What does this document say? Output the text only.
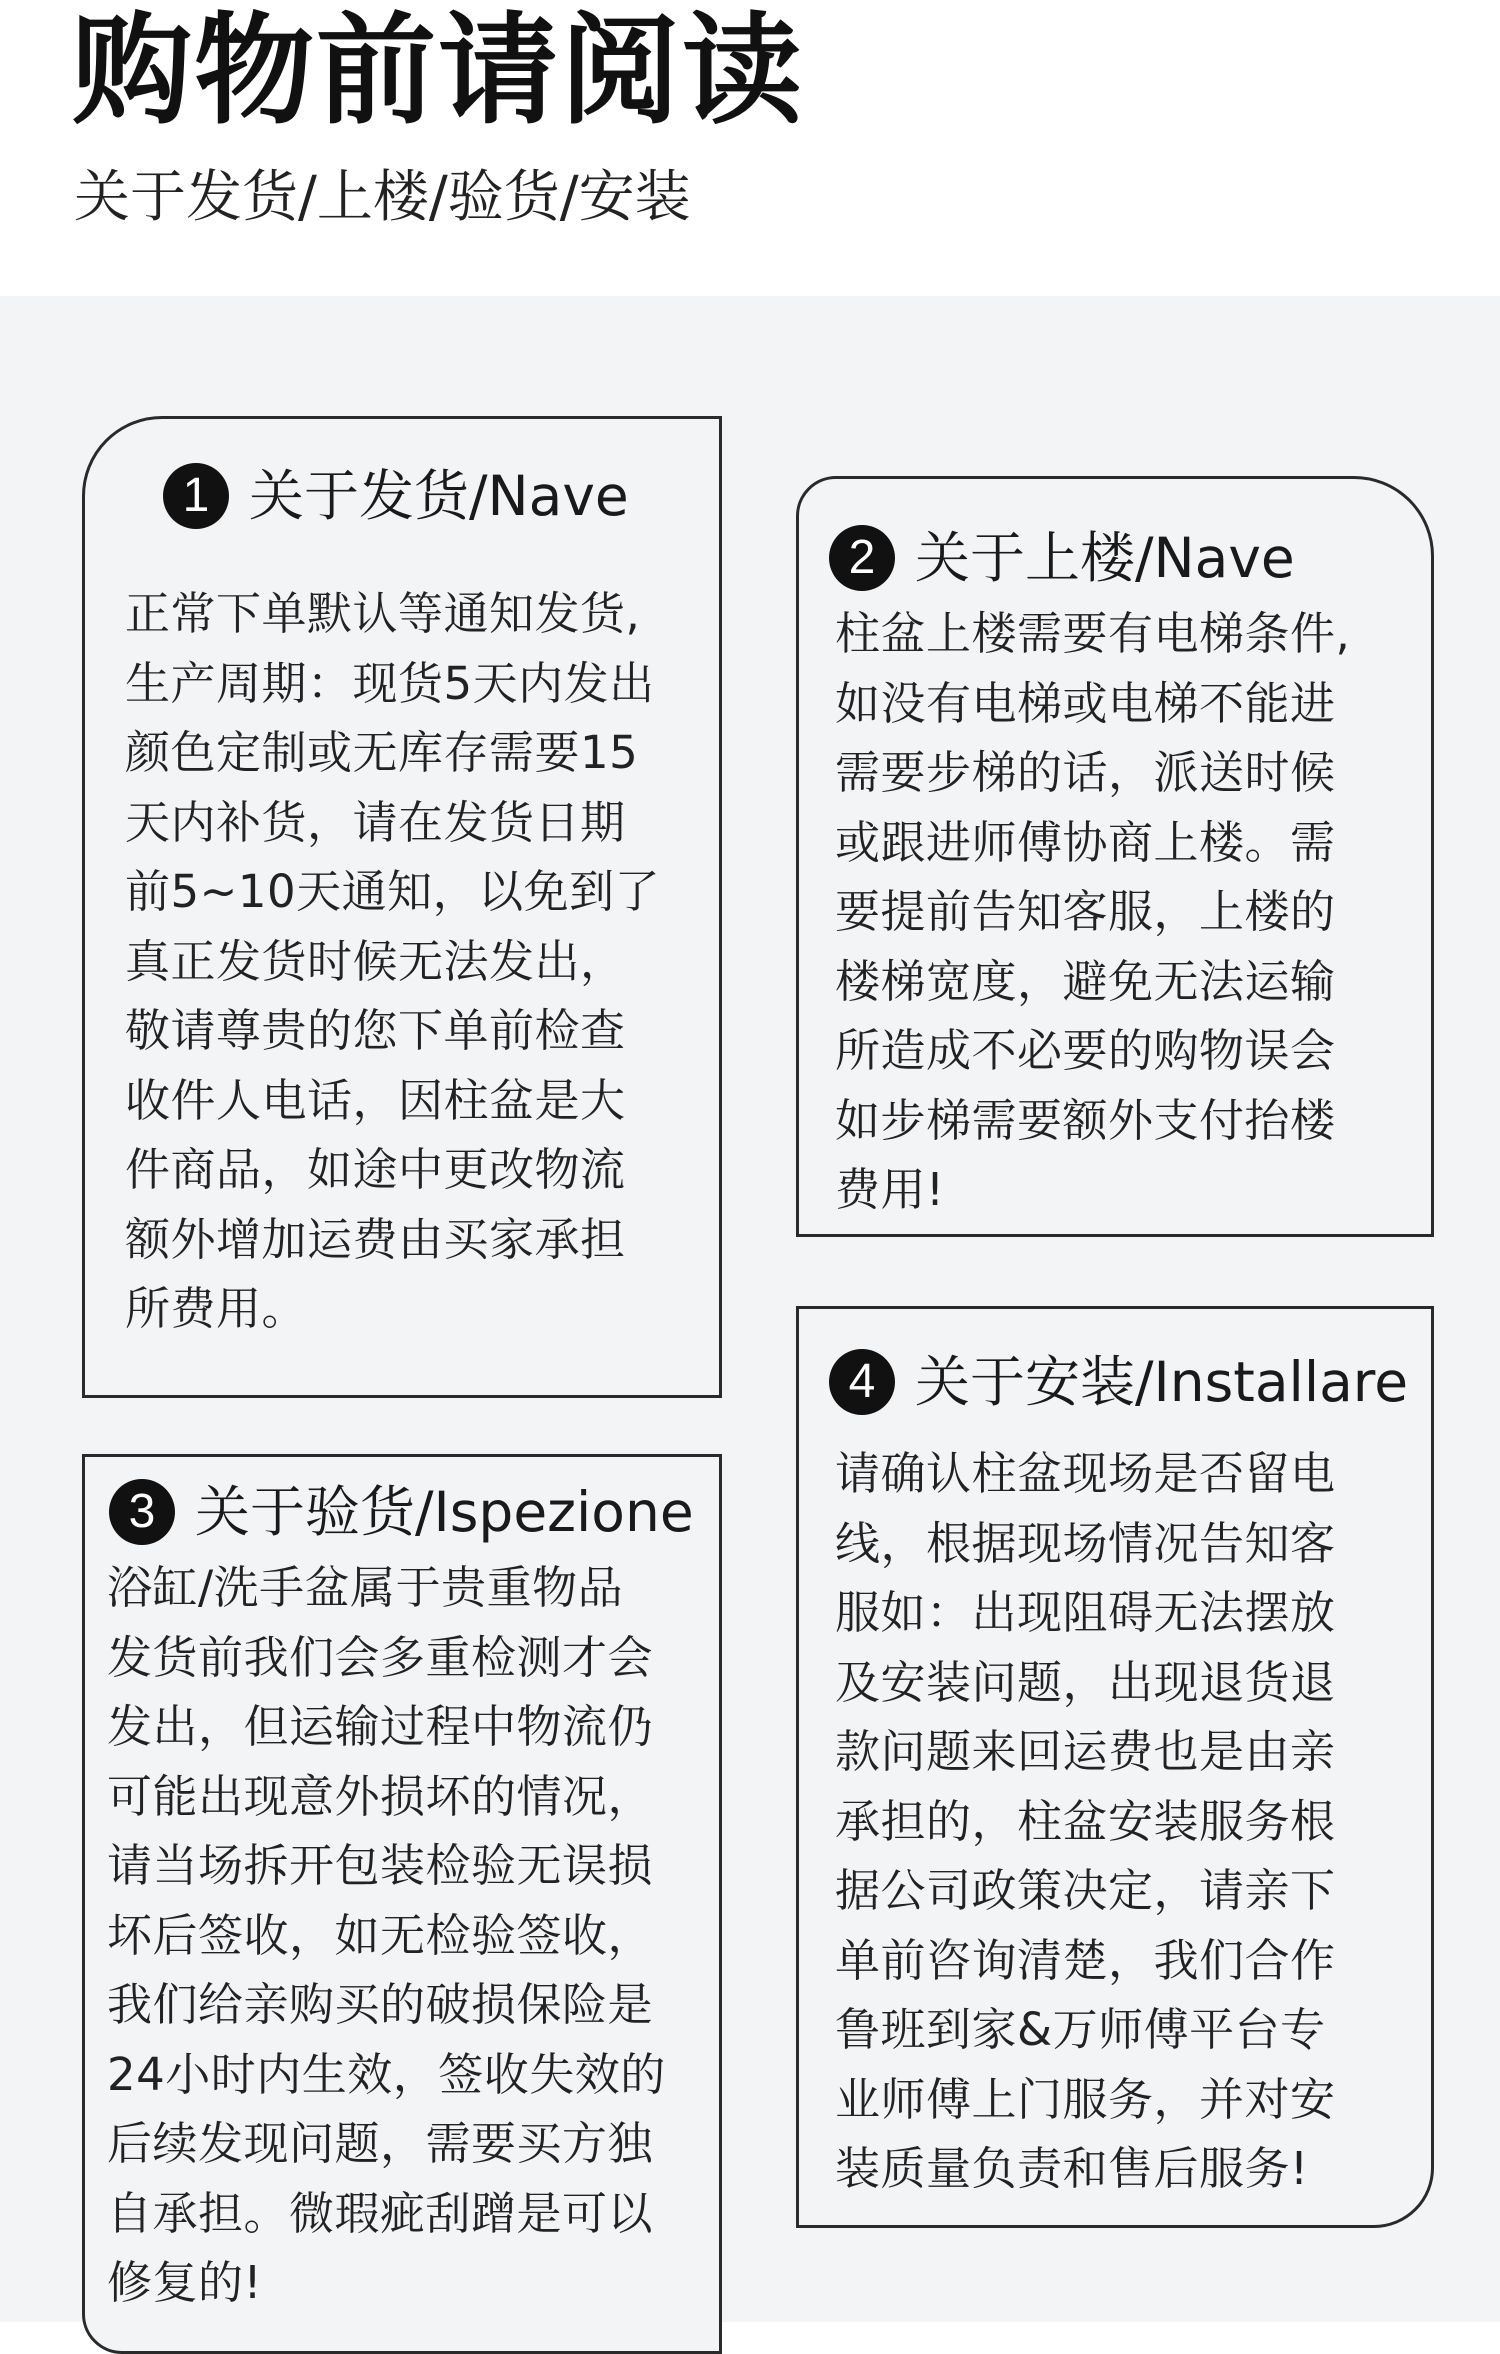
购物前请阅读
关于发货/上楼/验货/安装
1 关于发货/Nave
正常下单默认等通知发货,
生产周期：现货5天内发出
颜色定制或无库存需要15
天内补货，请在发货日期
前5~10天通知，以免到了
真正发货时候无法发出，
敬请尊贵的您下单前检查
收件人电话，因柱盆是大
件商品，如途中更改物流
额外增加运费由买家承担
所费用。
2 关于上楼/Nave
柱盆上楼需要有电梯条件,
如没有电梯或电梯不能进
需要步梯的话，派送时候
或跟进师傅协商上楼。需
要提前告知客服，上楼的
楼梯宽度，避免无法运输
所造成不必要的购物误会
如步梯需要额外支付抬楼
费用!
3 关于验货/Ispezione
浴缸/洗手盆属于贵重物品
发货前我们会多重检测才会
发出，但运输过程中物流仍
可能出现意外损坏的情况，
请当场拆开包装检验无误损
坏后签收，如无检验签收，
我们给亲购买的破损保险是
24小时内生效，签收失效的
后续发现问题，需要买方独
自承担。微瑕疵刮蹭是可以
修复的!
4 关于安装/Installare
请确认柱盆现场是否留电
线，根据现场情况告知客
服如：出现阻碍无法摆放
及安装问题，出现退货退
款问题来回运费也是由亲
承担的，柱盆安装服务根
据公司政策决定，请亲下
单前咨询清楚，我们合作
鲁班到家&万师傅平台专
业师傅上门服务，并对安
装质量负责和售后服务!
